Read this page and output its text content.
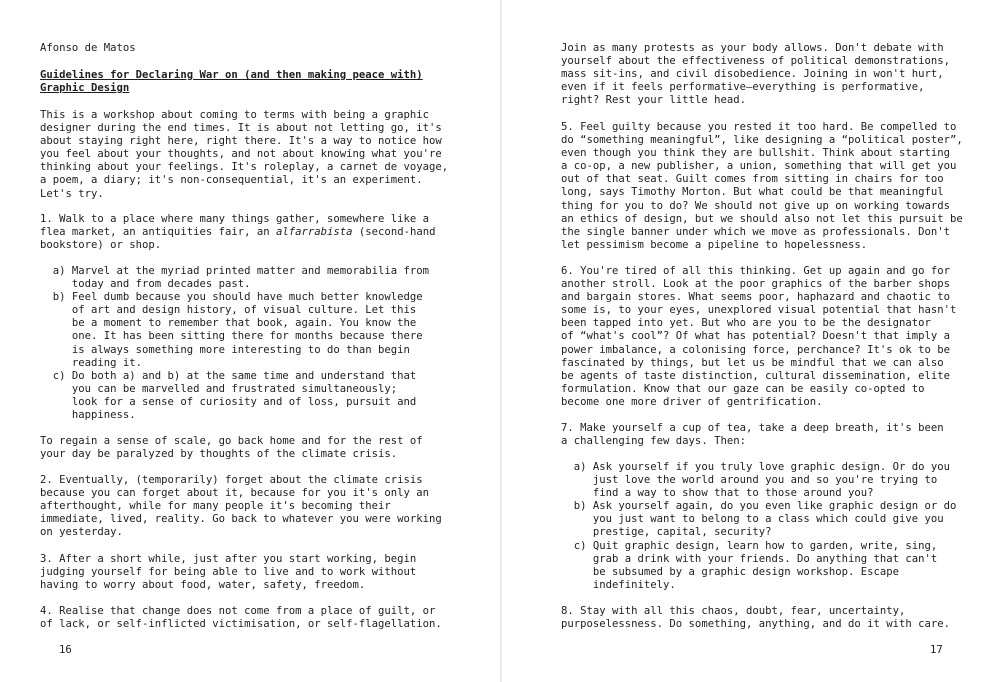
Afonso de Matos
Guidelines for Declaring War on (and then making peace with)
Graphic Design
This is a workshop about coming to terms with being a graphic
designer during the end times. It is about not letting go, it's
about staying right here, right there. It's a way to notice how
you feel about your thoughts, and not about knowing what you're
thinking about your feelings. It's roleplay, a carnet de voyage,
a poem, a diary; it's non-consequential, it's an experiment.
Let's try.
1. Walk to a place where many things gather, somewhere like a
flea market, an antiquities fair, an alfarrabista (second-hand
bookstore) or shop.
a) Marvel at the myriad printed matter and memorabilia from
today and from decades past.
b) Feel dumb because you should have much better knowledge
of art and design history, of visual culture. Let this
be a moment to remember that book, again. You know the
one. It has been sitting there for months because there
is always something more interesting to do than begin
reading it.
c) Do both a) and b) at the same time and understand that
you can be marvelled and frustrated simultaneously;
look for a sense of curiosity and of loss, pursuit and
happiness.
To regain a sense of scale, go back home and for the rest of
your day be paralyzed by thoughts of the climate crisis.
2. Eventually, (temporarily) forget about the climate crisis
because you can forget about it, because for you it's only an
afterthought, while for many people it's becoming their
immediate, lived, reality. Go back to whatever you were working
on yesterday.
3. After a short while, just after you start working, begin
judging yourself for being able to live and to work without
having to worry about food, water, safety, freedom.
4. Realise that change does not come from a place of guilt, or
of lack, or self-inflicted victimisation, or self-flagellation.
16
Join as many protests as your body allows. Don't debate with
yourself about the effectiveness of political demonstrations,
mass sit-ins, and civil disobedience. Joining in won't hurt,
even if it feels performative—everything is performative,
right? Rest your little head.
5. Feel guilty because you rested it too hard. Be compelled to
do “something meaningful”, like designing a “political poster”,
even though you think they are bullshit. Think about starting
a co-op, a new publisher, a union, something that will get you
out of that seat. Guilt comes from sitting in chairs for too
long, says Timothy Morton. But what could be that meaningful
thing for you to do? We should not give up on working towards
an ethics of design, but we should also not let this pursuit be
the single banner under which we move as professionals. Don't
let pessimism become a pipeline to hopelessness.
6. You're tired of all this thinking. Get up again and go for
another stroll. Look at the poor graphics of the barber shops
and bargain stores. What seems poor, haphazard and chaotic to
some is, to your eyes, unexplored visual potential that hasn't
been tapped into yet. But who are you to be the designator
of “what's cool”? Of what has potential? Doesn't that imply a
power imbalance, a colonising force, perchance? It's ok to be
fascinated by things, but let us be mindful that we can also
be agents of taste distinction, cultural dissemination, elite
formulation. Know that our gaze can be easily co-opted to
become one more driver of gentrification.
7. Make yourself a cup of tea, take a deep breath, it's been
a challenging few days. Then:
a) Ask yourself if you truly love graphic design. Or do you
just love the world around you and so you're trying to
find a way to show that to those around you?
b) Ask yourself again, do you even like graphic design or do
you just want to belong to a class which could give you
prestige, capital, security?
c) Quit graphic design, learn how to garden, write, sing,
grab a drink with your friends. Do anything that can't
be subsumed by a graphic design workshop. Escape
indefinitely.
8. Stay with all this chaos, doubt, fear, uncertainty,
purposelessness. Do something, anything, and do it with care.
17
